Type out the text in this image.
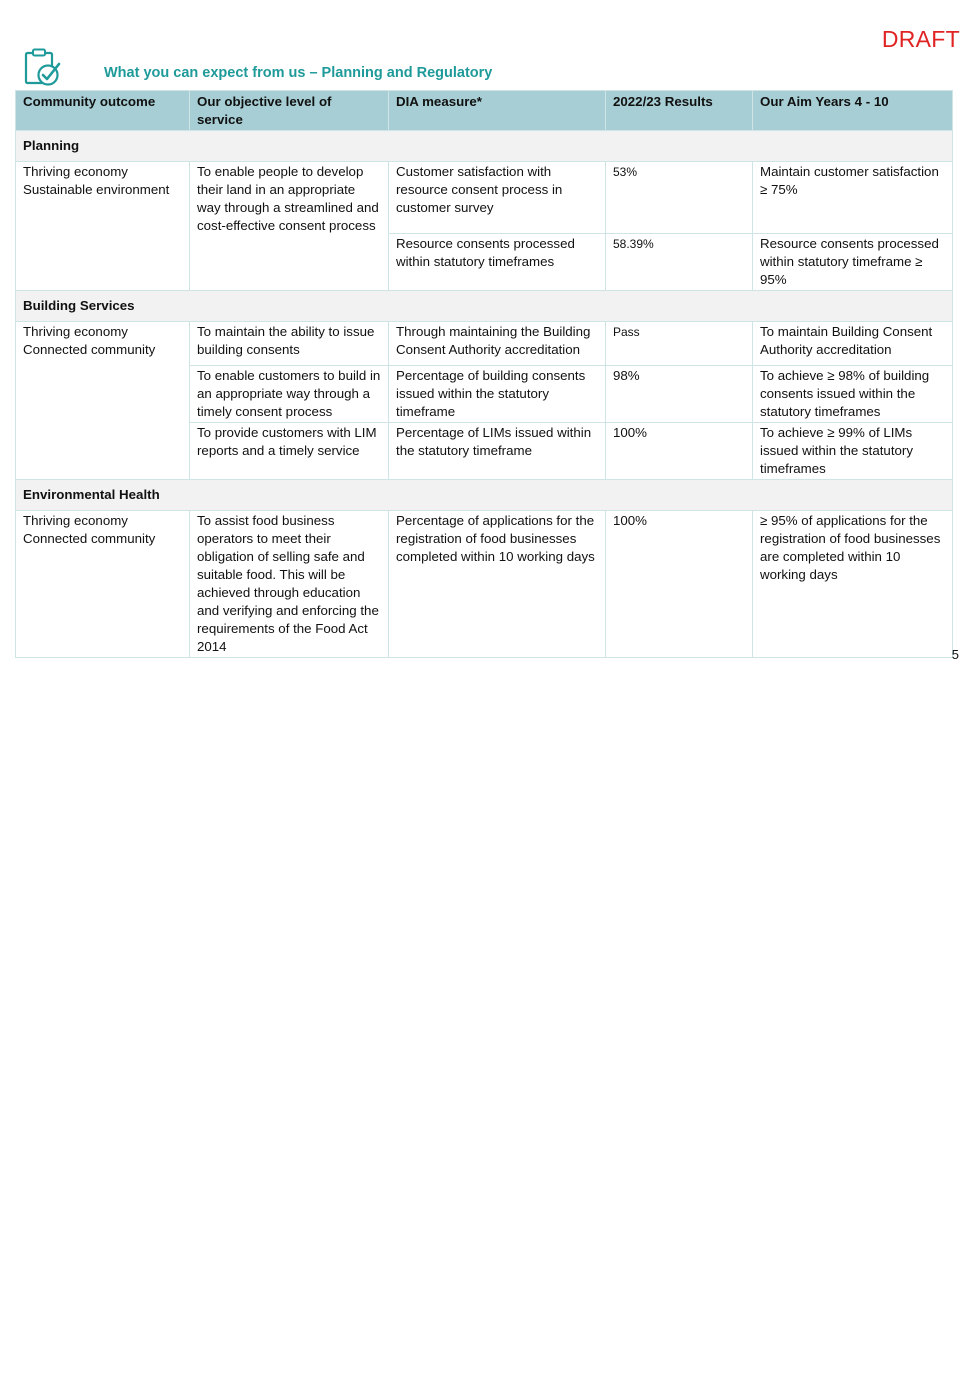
DRAFT
What you can expect from us – Planning and Regulatory
Community outcome	Our objective level of service	DIA measure*	2022/23 Results	Our Aim Years 4 - 10
Planning				
Thriving economy
Sustainable environment	To enable people to develop their land in an appropriate way through a streamlined and cost-effective consent process	Customer satisfaction with resource consent process in customer survey	53%	Maintain customer satisfaction ≥ 75%
		Resource consents processed within statutory timeframes	58.39%	Resource consents processed within statutory timeframe ≥ 95%
Building Services				
Thriving economy
Connected community	To maintain the ability to issue building consents	Through maintaining the Building Consent Authority accreditation	Pass	To maintain Building Consent Authority accreditation
	To enable customers to build in an appropriate way through a timely consent process	Percentage of building consents issued within the statutory timeframe	98%	To achieve ≥ 98% of building consents issued within the statutory timeframes
	To provide customers with LIM reports and a timely service	Percentage of LIMs issued within the statutory timeframe	100%	To achieve ≥ 99% of LIMs issued within the statutory timeframes
Environmental Health				
Thriving economy
Connected community	To assist food business operators to meet their obligation of selling safe and suitable food. This will be achieved through education and verifying and enforcing the requirements of the Food Act 2014	Percentage of applications for the registration of food businesses completed within 10 working days	100%	≥ 95% of applications for the registration of food businesses are completed within 10 working days
5
